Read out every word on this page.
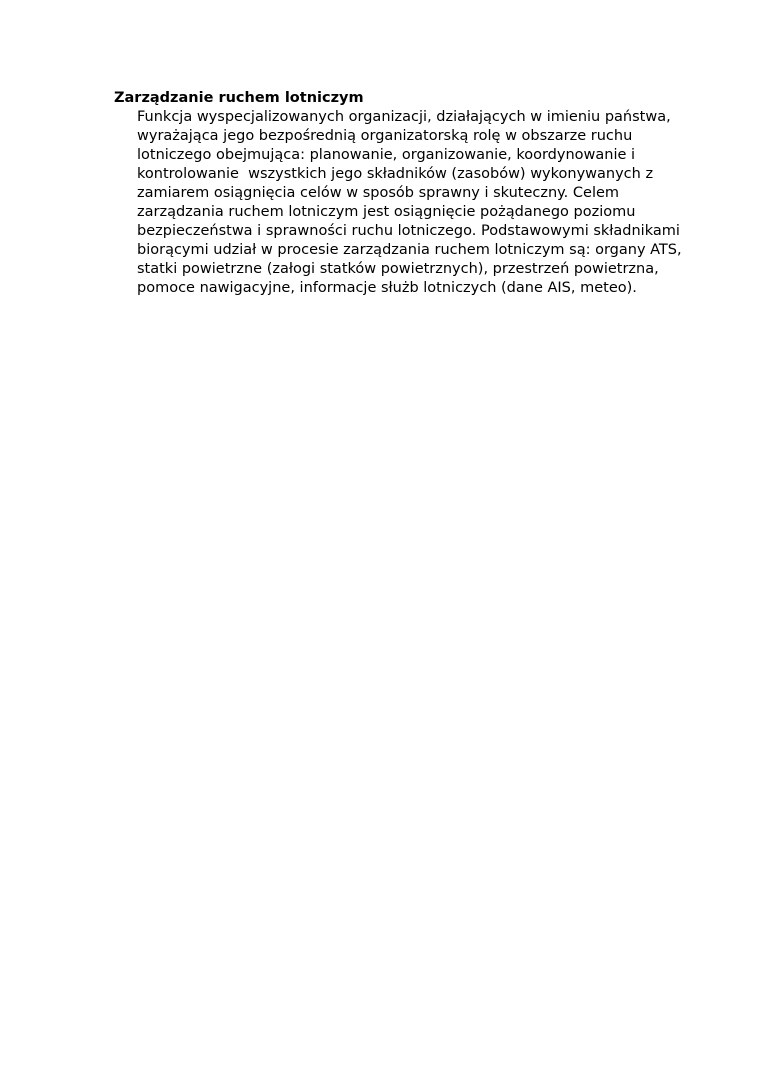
Zarządzanie ruchem lotniczym

Funkcja wyspecjalizowanych organizacji, działających w imieniu państwa,
wyrażająca jego bezpośrednią organizatorską rolę w obszarze ruchu
lotniczego obejmująca: planowanie, organizowanie, koordynowanie i
kontrolowanie  wszystkich jego składników (zasobów) wykonywanych z
zamiarem osiągnięcia celów w sposób sprawny i skuteczny. Celem
zarządzania ruchem lotniczym jest osiągnięcie pożądanego poziomu
bezpieczeństwa i sprawności ruchu lotniczego. Podstawowymi składnikami
biorącymi udział w procesie zarządzania ruchem lotniczym są: organy ATS,
statki powietrzne (załogi statków powietrznych), przestrzeń powietrzna,
pomoce nawigacyjne, informacje służb lotniczych (dane AIS, meteo).
